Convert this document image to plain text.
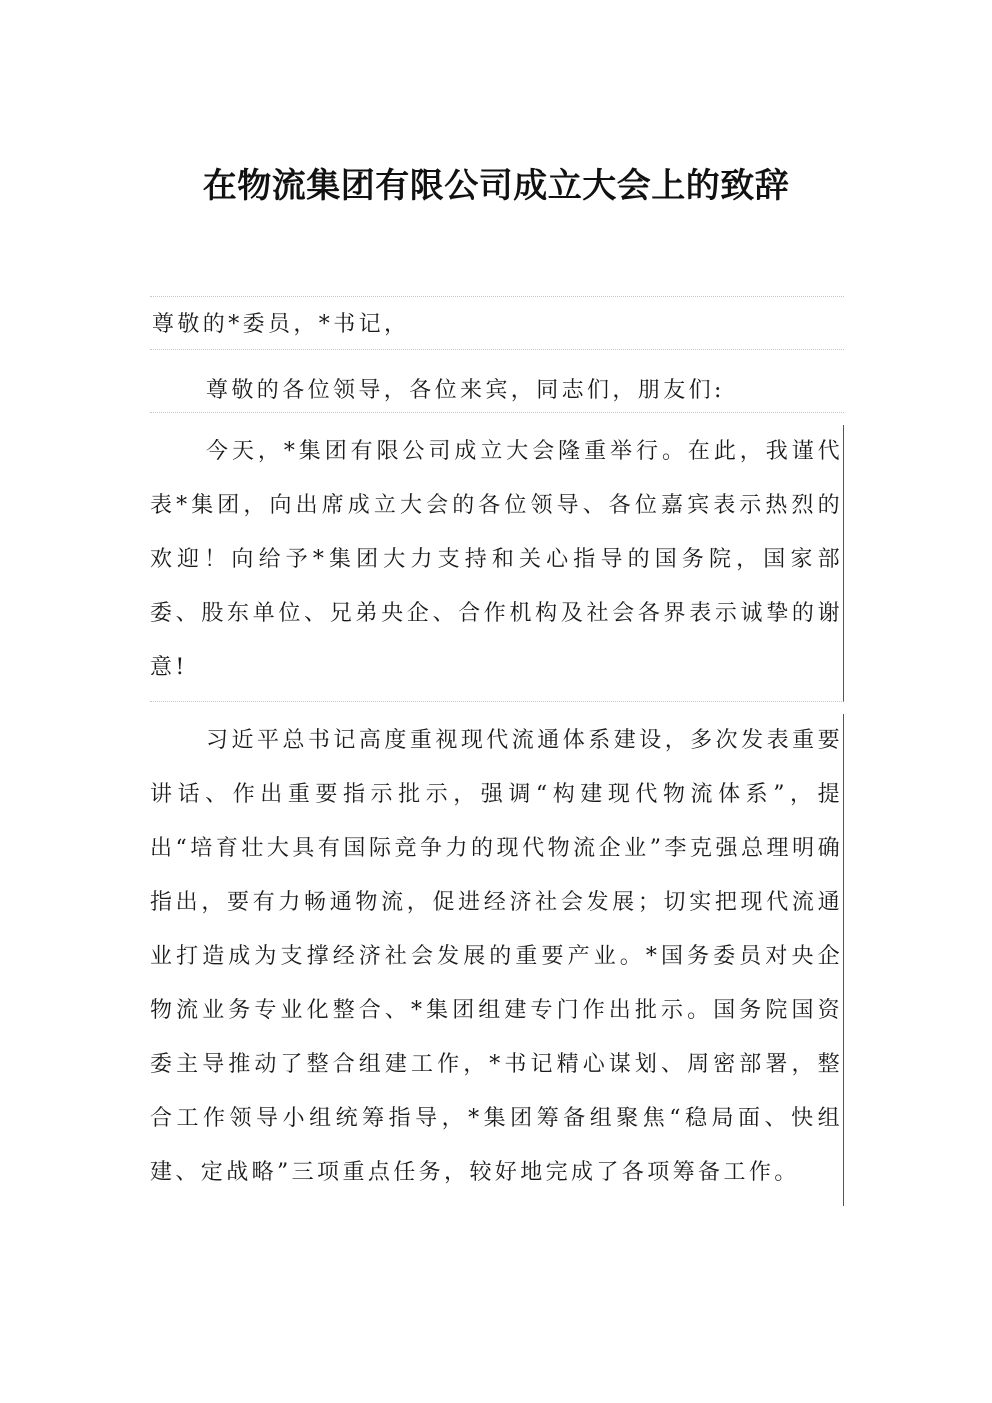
在物流集团有限公司成立大会上的致辞

尊敬的*委员，*书记，

尊敬的各位领导，各位来宾，同志们，朋友们:

今天，*集团有限公司成立大会隆重举行。在此，我谨代表*集团，向出席成立大会的各位领导、各位嘉宾表示热烈的欢迎！向给予*集团大力支持和关心指导的国务院，国家部委、股东单位、兄弟央企、合作机构及社会各界表示诚挚的谢意!

习近平总书记高度重视现代流通体系建设，多次发表重要讲话、作出重要指示批示，强调“构建现代物流体系”，提出“培育壮大具有国际竞争力的现代物流企业”李克强总理明确指出，要有力畅通物流，促进经济社会发展；切实把现代流通业打造成为支撑经济社会发展的重要产业。*国务委员对央企物流业务专业化整合、*集团组建专门作出批示。国务院国资委主导推动了整合组建工作，*书记精心谋划、周密部署，整合工作领导小组统筹指导，*集团筹备组聚焦“稳局面、快组建、定战略”三项重点任务，较好地完成了各项筹备工作。
